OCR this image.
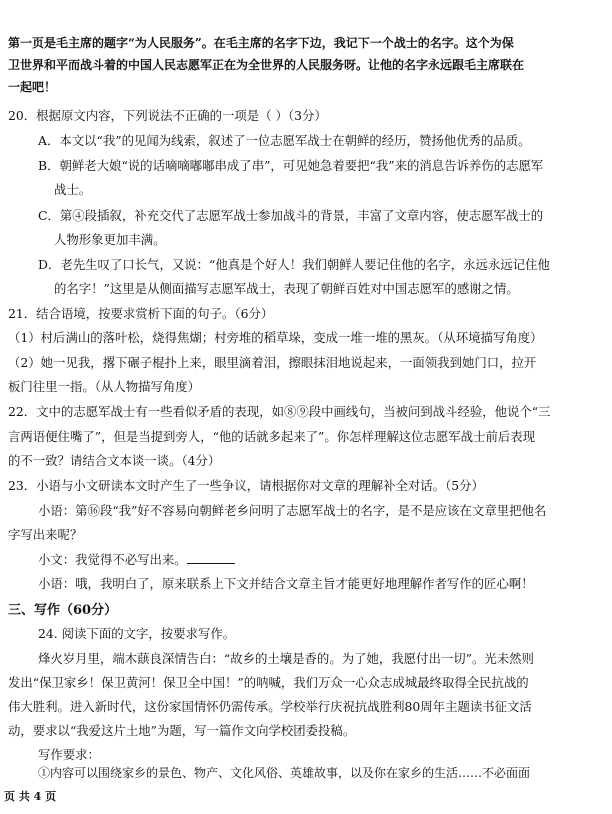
第一页是毛主席的题字“为人民服务”。在毛主席的名字下边，我记下一个战士的名字。这个为保
卫世界和平而战斗着的中国人民志愿军正在为全世界的人民服务呀。让他的名字永远跟毛主席联在
一起吧！
20．根据原文内容，下列说法不正确的一项是（ ）（3分）
A．本文以“我”的见闻为线索，叙述了一位志愿军战士在朝鲜的经历，赞扬他优秀的品质。
B．朝鲜老大娘“说的话嘀嘀嘟嘟串成了串”，可见她急着要把“我”来的消息告诉养伤的志愿军
战士。
C．第④段插叙，补充交代了志愿军战士参加战斗的背景，丰富了文章内容，使志愿军战士的
人物形象更加丰满。
D．老先生叹了口长气，又说：“他真是个好人！我们朝鲜人要记住他的名字，永远永远记住他
的名字！”这里是从侧面描写志愿军战士，表现了朝鲜百姓对中国志愿军的感谢之情。
21．结合语境，按要求赏析下面的句子。（6分）
（1）村后满山的落叶松，烧得焦煳；村旁堆的稻草垛，变成一堆一堆的黑灰。（从环境描写角度）
（2）她一见我，撂下碾子棍扑上来，眼里滴着泪，擦眼抹泪地说起来，一面领我到她门口，拉开
板门往里一指。（从人物描写角度）
22．文中的志愿军战士有一些看似矛盾的表现，如⑧⑨段中画线句，当被问到战斗经验，他说个“三
言两语便住嘴了”，但是当提到旁人，“他的话就多起来了”。你怎样理解这位志愿军战士前后表现
的不一致？请结合文本谈一谈。（4分）
23．小语与小文研读本文时产生了一些争议，请根据你对文章的理解补全对话。（5分）
小语：第⑯段“我”好不容易向朝鲜老乡问明了志愿军战士的名字，是不是应该在文章里把他名
字写出来呢？
小文：我觉得不必写出来。
小语：哦，我明白了，原来联系上下文并结合文章主旨才能更好地理解作者写作的匠心啊！
三、写作（60分）
24. 阅读下面的文字，按要求写作。
烽火岁月里，端木蕻良深情告白：“故乡的土壤是香的。为了她，我愿付出一切”。光未然则
发出“保卫家乡！保卫黄河！保卫全中国！”的呐喊，我们万众一心众志成城最终取得全民抗战的
伟大胜利。进入新时代，这份家国情怀仍需传承。学校举行庆祝抗战胜利80周年主题读书征文活
动，要求以“我爱这片土地”为题，写一篇作文向学校团委投稿。
写作要求：
①内容可以围绕家乡的景色、物产、文化风俗、英雄故事，以及你在家乡的生活……不必面面
页 共 4 页
